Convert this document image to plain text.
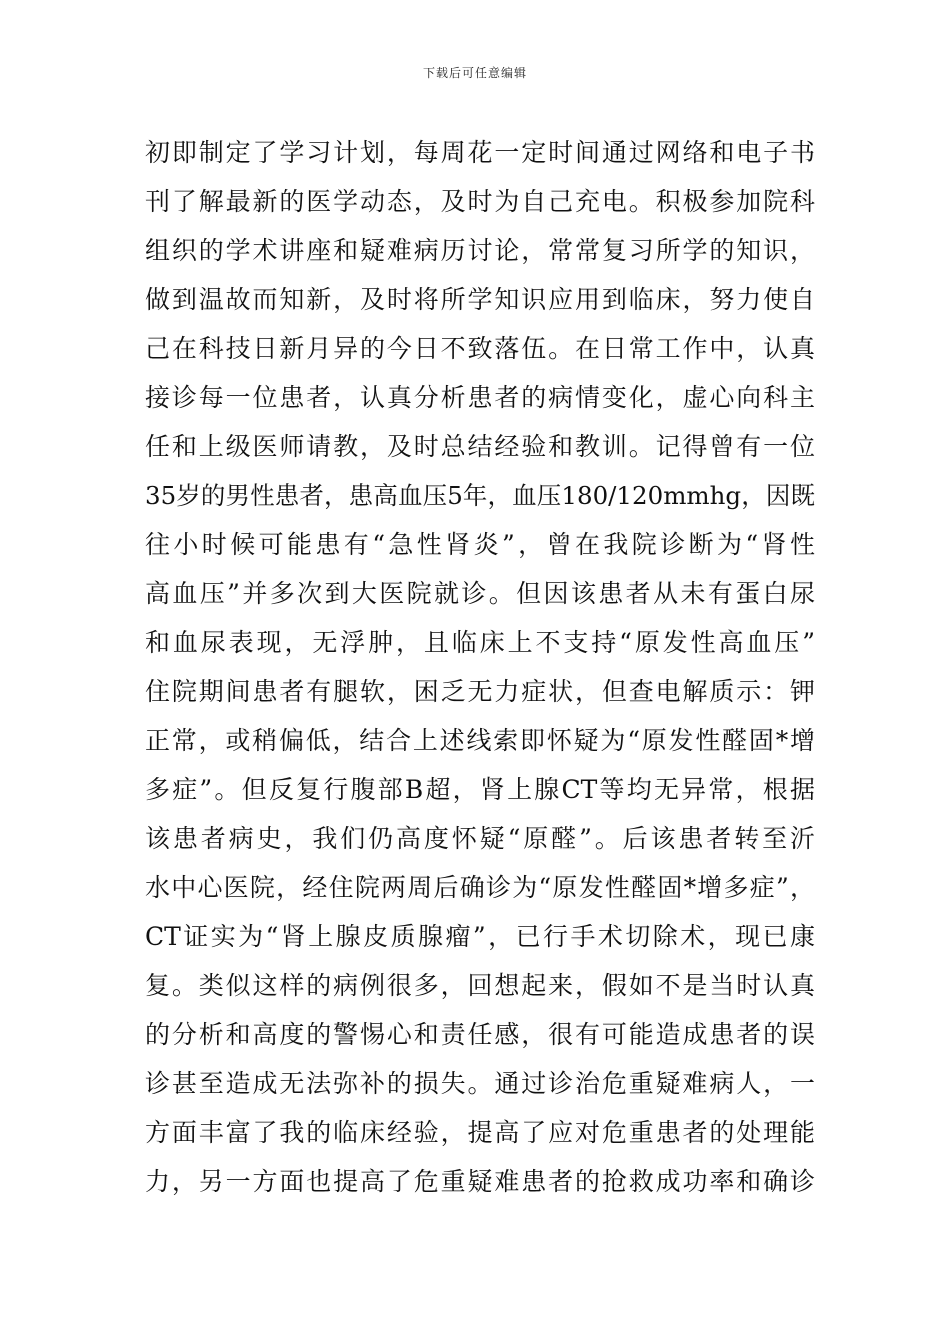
下载后可任意编辑
初即制定了学习计划，每周花一定时间通过网络和电子书
刊了解最新的医学动态，及时为自己充电。积极参加院科
组织的学术讲座和疑难病历讨论，常常复习所学的知识，
做到温故而知新，及时将所学知识应用到临床，努力使自
己在科技日新月异的今日不致落伍。在日常工作中，认真
接诊每一位患者，认真分析患者的病情变化，虚心向科主
任和上级医师请教，及时总结经验和教训。记得曾有一位
35岁的男性患者，患高血压5年，血压180/120mmhg，因既
往小时候可能患有“急性肾炎”，曾在我院诊断为“肾性
高血压”并多次到大医院就诊。但因该患者从未有蛋白尿
和血尿表现，无浮肿，且临床上不支持“原发性高血压”
住院期间患者有腿软，困乏无力症状，但查电解质示：钾
正常，或稍偏低，结合上述线索即怀疑为“原发性醛固*增
多症”。但反复行腹部B超，肾上腺CT等均无异常，根据
该患者病史，我们仍高度怀疑“原醛”。后该患者转至沂
水中心医院，经住院两周后确诊为“原发性醛固*增多症”，
CT证实为“肾上腺皮质腺瘤”，已行手术切除术，现已康
复。类似这样的病例很多，回想起来，假如不是当时认真
的分析和高度的警惕心和责任感，很有可能造成患者的误
诊甚至造成无法弥补的损失。通过诊治危重疑难病人，一
方面丰富了我的临床经验，提高了应对危重患者的处理能
力，另一方面也提高了危重疑难患者的抢救成功率和确诊
